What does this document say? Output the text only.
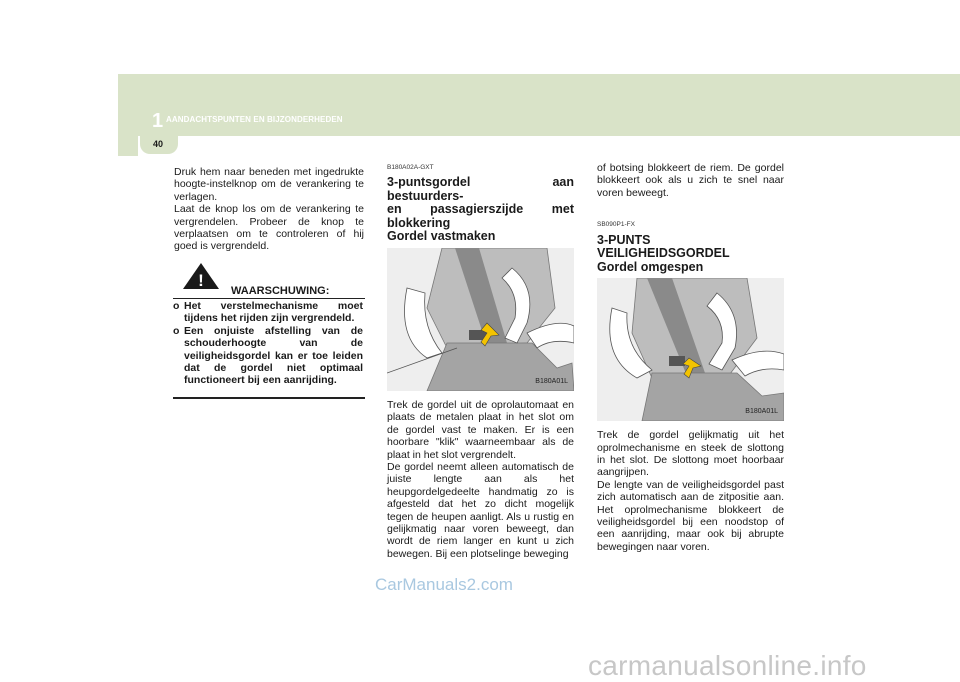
1 AANDACHTSPUNTEN EN BIJZONDERHEDEN
40

Druk hem naar beneden met ingedrukte hoogte-instelknop om de verankering te verlagen.

Laat de knop los om de verankering te vergrendelen. Probeer de knop te verplaatsen om te controleren of hij goed is vergrendeld.

!
WAARSCHUWING:
o Het verstelmechanisme moet tijdens het rijden zijn vergrendeld.
o Een onjuiste afstelling van de schouderhoogte van de veiligheidsgordel kan er toe leiden dat de gordel niet optimaal functioneert bij een aanrijding.
B180A02A-GXT
3-puntsgordel aan bestuurders-
en passagierszijde met
blokkering
Gordel vastmaken
B180A01L

Trek de gordel uit de oprolautomaat en plaats de metalen plaat in het slot om de gordel vast te maken. Er is een hoorbare "klik" waarneembaar als de plaat in het slot vergrendelt.

De gordel neemt alleen automatisch de juiste lengte aan als het heupgordelgedeelte handmatig zo is afgesteld dat het zo dicht mogelijk tegen de heupen aanligt. Als u rustig en gelijkmatig naar voren beweegt, dan wordt de riem langer en kunt u zich bewegen. Bij een plotselinge beweging

of botsing blokkeert de riem. De gordel blokkeert ook als u zich te snel naar voren beweegt.

SB090P1-FX
3-PUNTS
VEILIGHEIDSGORDEL
Gordel omgespen
B180A01L

Trek de gordel gelijkmatig uit het oprolmechanisme en steek de slottong in het slot. De slottong moet hoorbaar aangrijpen.

De lengte van de veiligheidsgordel past zich automatisch aan de zitpositie aan. Het oprolmechanisme blokkeert de veiligheidsgordel bij een noodstop of een aanrijding, maar ook bij abrupte bewegingen naar voren.

CarManuals2.com
carmanualsonline.info
